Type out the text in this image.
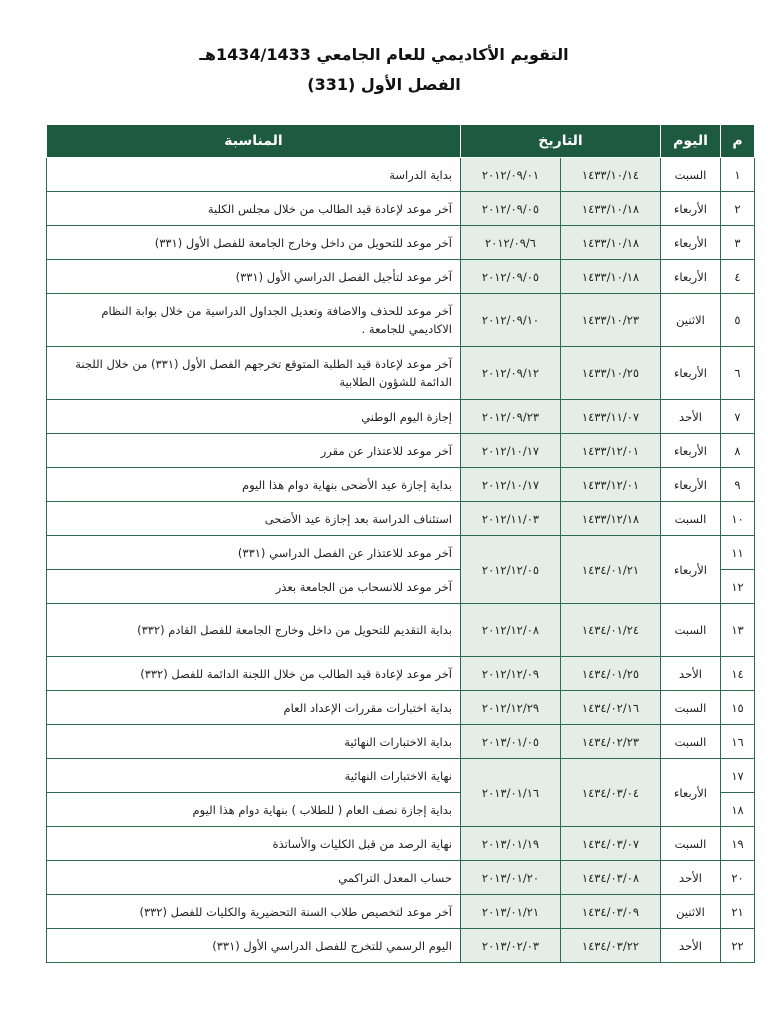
التقويم الأكاديمي للعام الجامعي 1434/1433هـ
الفصل الأول (331)
م	اليوم	التاريخ		المناسبة
١	السبت	١٤٣٣/١٠/١٤	٢٠١٢/٠٩/٠١	بداية الدراسة
٢	الأربعاء	١٤٣٣/١٠/١٨	٢٠١٢/٠٩/٠٥	آخر موعد لإعادة قيد الطالب من خلال مجلس الكلية
٣	الأربعاء	١٤٣٣/١٠/١٨	٢٠١٢/٠٩/٦	آخر موعد للتحويل من داخل وخارج الجامعة للفصل الأول (٣٣١)
٤	الأربعاء	١٤٣٣/١٠/١٨	٢٠١٢/٠٩/٠٥	آخر موعد لتأجيل الفصل الدراسي الأول (٣٣١)
٥	الاثنين	١٤٣٣/١٠/٢٣	٢٠١٢/٠٩/١٠	آخر موعد للحذف والاضافة وتعديل الجداول الدراسية من خلال بوابة النظام الاكاديمي للجامعة .
٦	الأربعاء	١٤٣٣/١٠/٢٥	٢٠١٢/٠٩/١٢	آخر موعد لإعادة قيد الطلبة المتوقع تخرجهم الفصل الأول (٣٣١) من خلال اللجنة الدائمة للشؤون الطلابية
٧	الأحد	١٤٣٣/١١/٠٧	٢٠١٢/٠٩/٢٣	إجازة اليوم الوطني
٨	الأربعاء	١٤٣٣/١٢/٠١	٢٠١٢/١٠/١٧	آخر موعد للاعتذار عن مقرر
٩	الأربعاء	١٤٣٣/١٢/٠١	٢٠١٢/١٠/١٧	بداية إجازة عيد الأضحى بنهاية دوام هذا اليوم
١٠	السبت	١٤٣٣/١٢/١٨	٢٠١٢/١١/٠٣	استئناف الدراسة بعد إجازة عيد الأضحى
١١	الأربعاء	١٤٣٤/٠١/٢١	٢٠١٢/١٢/٠٥	آخر موعد للاعتذار عن الفصل الدراسي (٣٣١)
١٢				آخر موعد للانسحاب من الجامعة بعذر
١٣	السبت	١٤٣٤/٠١/٢٤	٢٠١٢/١٢/٠٨	بداية التقديم للتحويل من داخل وخارج الجامعة للفصل القادم (٣٣٢)
١٤	الأحد	١٤٣٤/٠١/٢٥	٢٠١٢/١٢/٠٩	آخر موعد لإعادة قيد الطالب من خلال اللجنة الدائمة للفصل (٣٣٢)
١٥	السبت	١٤٣٤/٠٢/١٦	٢٠١٢/١٢/٢٩	بداية اختبارات مقررات الإعداد العام
١٦	السبت	١٤٣٤/٠٢/٢٣	٢٠١٣/٠١/٠٥	بداية الاختبارات النهائية
١٧	الأربعاء	١٤٣٤/٠٣/٠٤	٢٠١٣/٠١/١٦	نهاية الاختبارات النهائية
١٨				بداية إجازة نصف العام ( للطلاب ) بنهاية دوام هذا اليوم
١٩	السبت	١٤٣٤/٠٣/٠٧	٢٠١٣/٠١/١٩	نهاية الرصد من قبل الكليات والأساتذة
٢٠	الأحد	١٤٣٤/٠٣/٠٨	٢٠١٣/٠١/٢٠	حساب المعدل التراكمي
٢١	الاثنين	١٤٣٤/٠٣/٠٩	٢٠١٣/٠١/٢١	آخر موعد لتخصيص طلاب السنة التحضيرية والكليات للفصل (٣٣٢)
٢٢	الأحد	١٤٣٤/٠٣/٢٢	٢٠١٣/٠٢/٠٣	اليوم الرسمي للتخرج للفصل الدراسي الأول (٣٣١)
